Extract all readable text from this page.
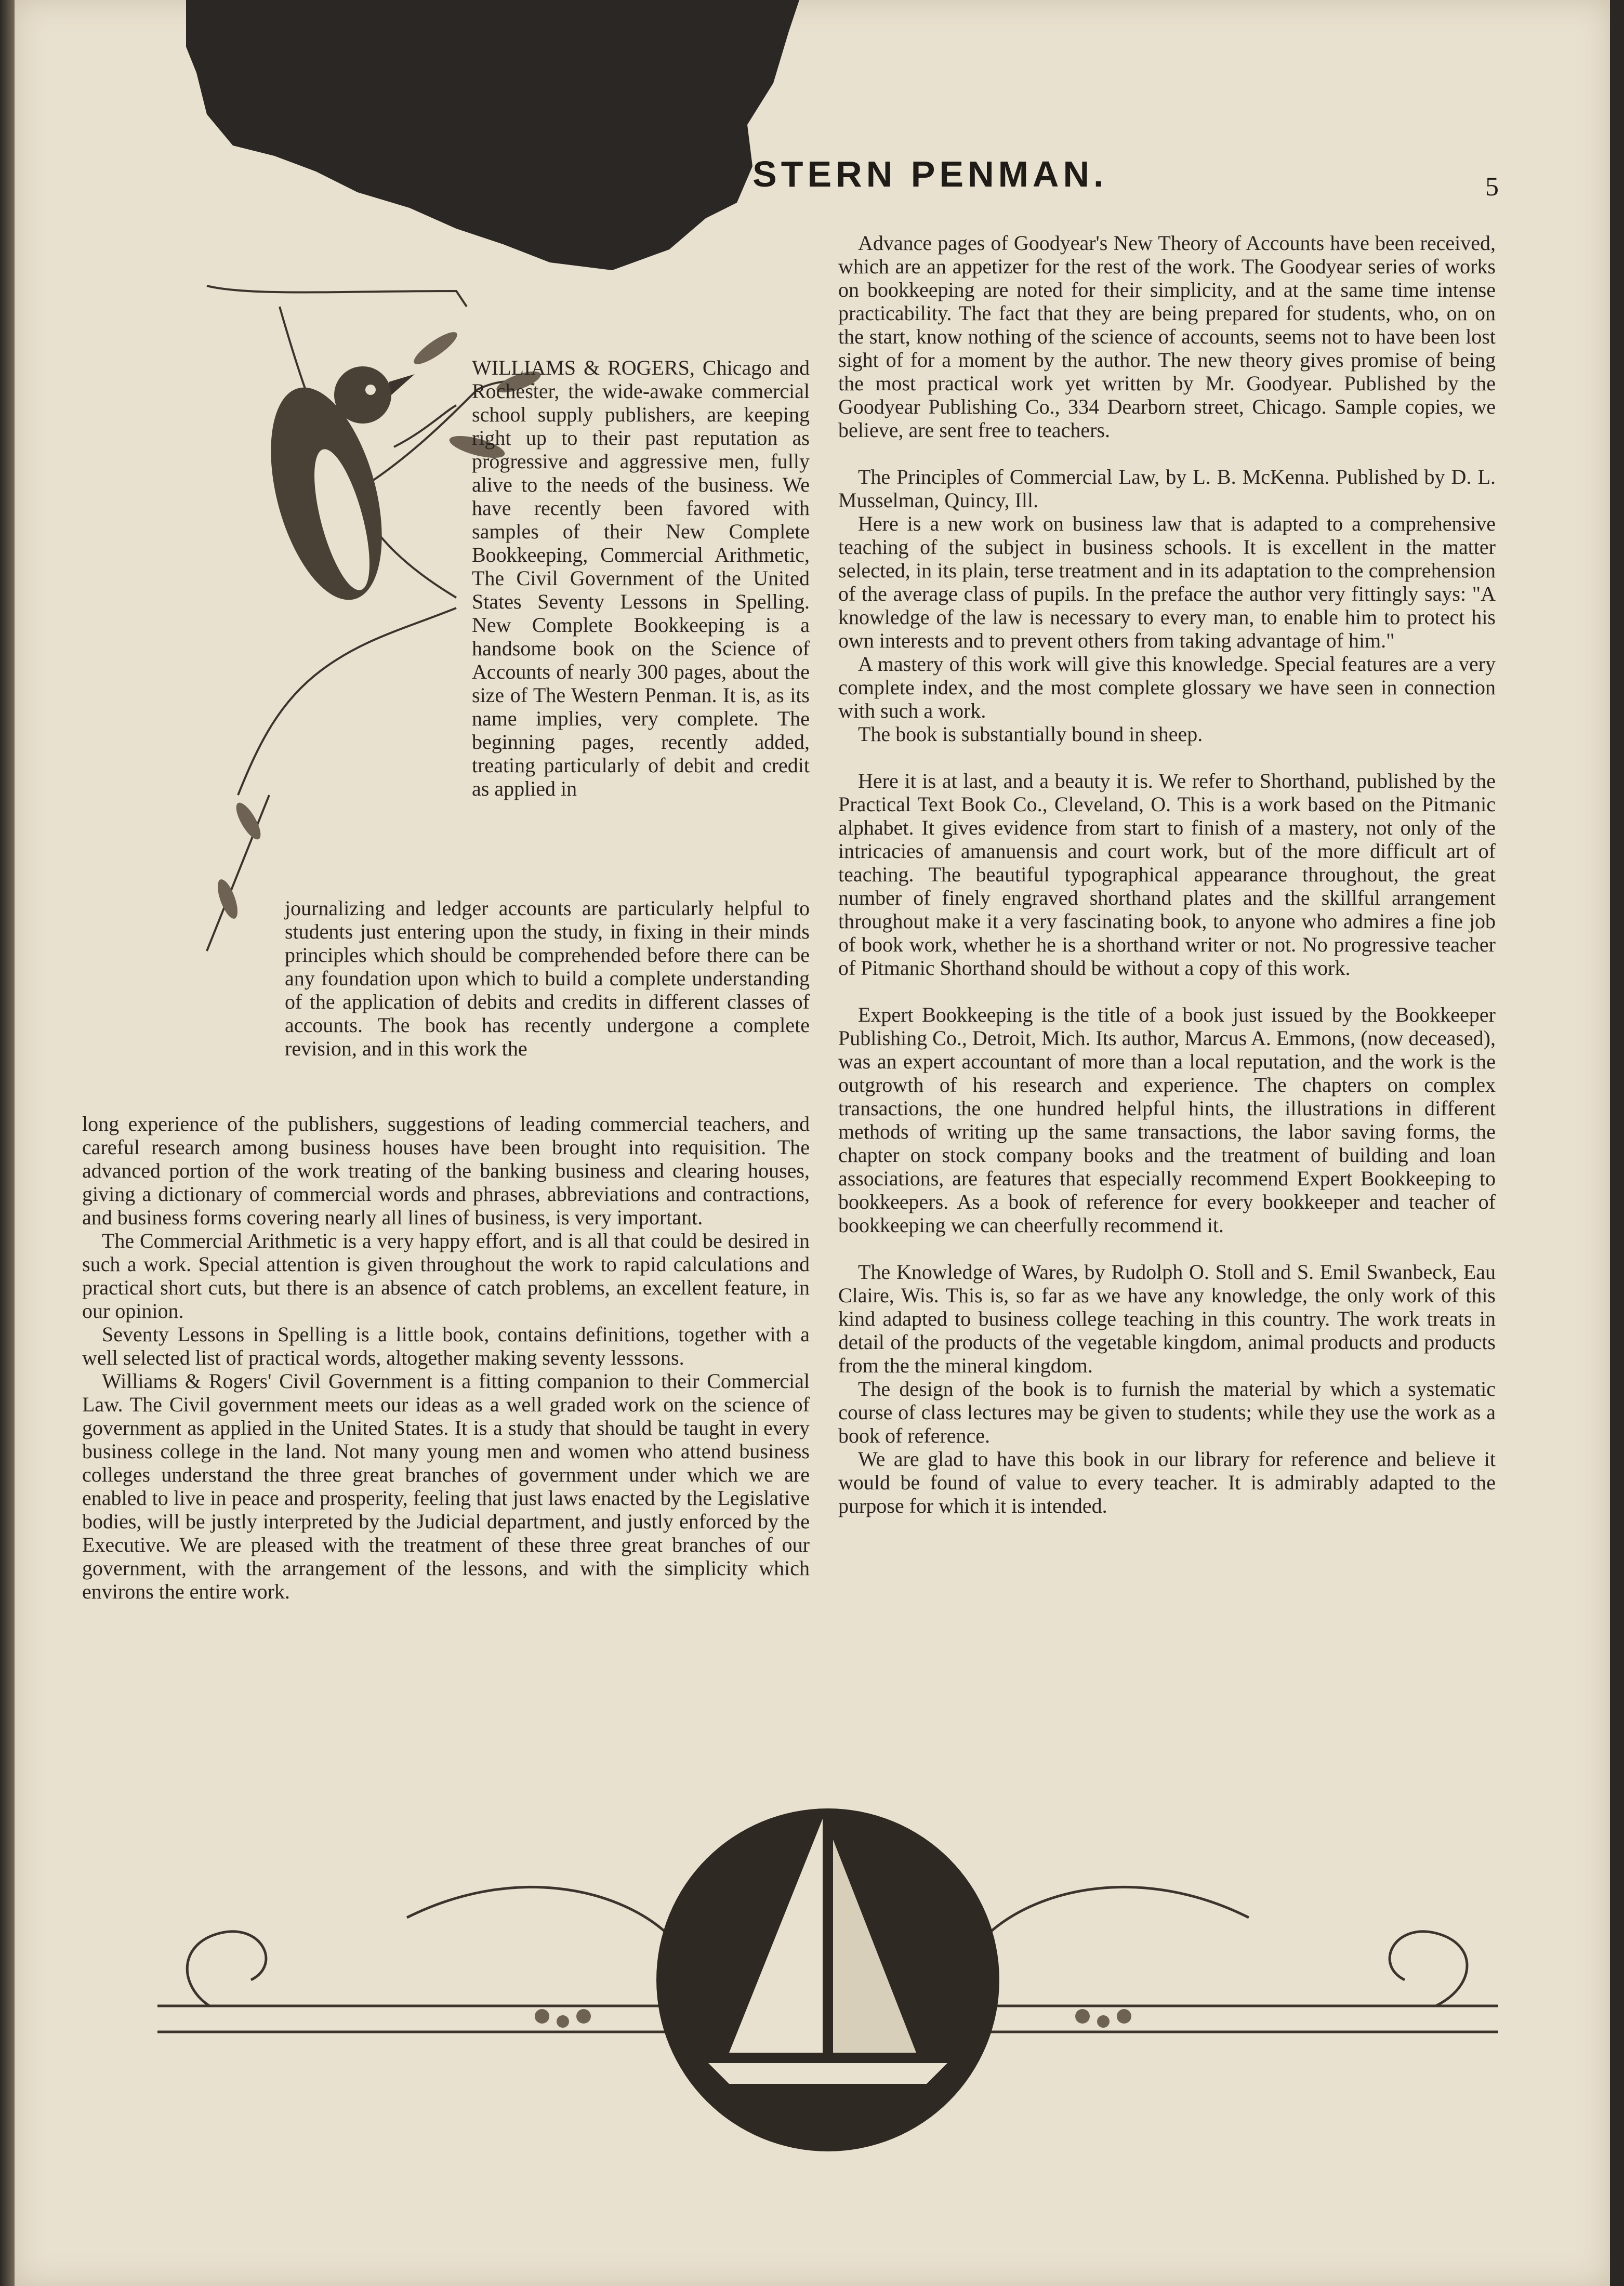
STERN PENMAN.	5
WILLIAMS & ROGERS, Chicago and Rochester, the wide-awake commercial school supply publishers, are keeping right up to their past reputation as progressive and aggressive men, fully alive to the needs of the business. We have recently been favored with samples of their New Complete Bookkeeping, Commercial Arithmetic, The Civil Government of the United States Seventy Lessons in Spelling. New Complete Bookkeeping is a handsome book on the Science of Accounts of nearly 300 pages, about the size of The Western Penman. It is, as its name implies, very complete. The beginning pages, recently added, treating particularly of debit and credit as applied in
journalizing and ledger accounts are particularly helpful to students just entering upon the study, in fixing in their minds principles which should be comprehended before there can be any foundation upon which to build a complete understanding of the application of debits and credits in different classes of accounts. The book has recently undergone a complete revision, and in this work the

long experience of the publishers, suggestions of leading commercial teachers, and careful research among business houses have been brought into requisition. The advanced portion of the work treating of the banking business and clearing houses, giving a dictionary of commercial words and phrases, abbreviations and contractions, and business forms covering nearly all lines of business, is very important.

The Commercial Arithmetic is a very happy effort, and is all that could be desired in such a work. Special attention is given throughout the work to rapid calculations and practical short cuts, but there is an absence of catch problems, an excellent feature, in our opinion.

Seventy Lessons in Spelling is a little book, contains definitions, together with a well selected list of practical words, altogether making seventy lesssons.

Williams & Rogers' Civil Government is a fitting companion to their Commercial Law. The Civil government meets our ideas as a well graded work on the science of government as applied in the United States. It is a study that should be taught in every business college in the land. Not many young men and women who attend business colleges understand the three great branches of government under which we are enabled to live in peace and prosperity, feeling that just laws enacted by the Legislative bodies, will be justly interpreted by the Judicial department, and justly enforced by the Executive. We are pleased with the treatment of these three great branches of our government, with the arrangement of the lessons, and with the simplicity which environs the entire work.

Advance pages of Goodyear's New Theory of Accounts have been received, which are an appetizer for the rest of the work. The Goodyear series of works on bookkeeping are noted for their simplicity, and at the same time intense practicability. The fact that they are being prepared for students, who, on on the start, know nothing of the science of accounts, seems not to have been lost sight of for a moment by the author. The new theory gives promise of being the most practical work yet written by Mr. Goodyear. Published by the Goodyear Publishing Co., 334 Dearborn street, Chicago. Sample copies, we believe, are sent free to teachers.

The Principles of Commercial Law, by L. B. McKenna. Published by D. L. Musselman, Quincy, Ill.

Here is a new work on business law that is adapted to a comprehensive teaching of the subject in business schools. It is excellent in the matter selected, in its plain, terse treatment and in its adaptation to the comprehension of the average class of pupils. In the preface the author very fittingly says: "A knowledge of the law is necessary to every man, to enable him to protect his own interests and to prevent others from taking advantage of him."

A mastery of this work will give this knowledge. Special features are a very complete index, and the most complete glossary we have seen in connection with such a work.

The book is substantially bound in sheep.

Here it is at last, and a beauty it is. We refer to Shorthand, published by the Practical Text Book Co., Cleveland, O. This is a work based on the Pitmanic alphabet. It gives evidence from start to finish of a mastery, not only of the intricacies of amanuensis and court work, but of the more difficult art of teaching. The beautiful typographical appearance throughout, the great number of finely engraved shorthand plates and the skillful arrangement throughout make it a very fascinating book, to anyone who admires a fine job of book work, whether he is a shorthand writer or not. No progressive teacher of Pitmanic Shorthand should be without a copy of this work.

Expert Bookkeeping is the title of a book just issued by the Bookkeeper Publishing Co., Detroit, Mich. Its author, Marcus A. Emmons, (now deceased), was an expert accountant of more than a local reputation, and the work is the outgrowth of his research and experience. The chapters on complex transactions, the one hundred helpful hints, the illustrations in different methods of writing up the same transactions, the labor saving forms, the chapter on stock company books and the treatment of building and loan associations, are features that especially recommend Expert Bookkeeping to bookkeepers. As a book of reference for every bookkeeper and teacher of bookkeeping we can cheerfully recommend it.

The Knowledge of Wares, by Rudolph O. Stoll and S. Emil Swanbeck, Eau Claire, Wis. This is, so far as we have any knowledge, the only work of this kind adapted to business college teaching in this country. The work treats in detail of the products of the vegetable kingdom, animal products and products from the the mineral kingdom.

The design of the book is to furnish the material by which a systematic course of class lectures may be given to students; while they use the work as a book of reference.

We are glad to have this book in our library for reference and believe it would be found of value to every teacher. It is admirably adapted to the purpose for which it is intended.
